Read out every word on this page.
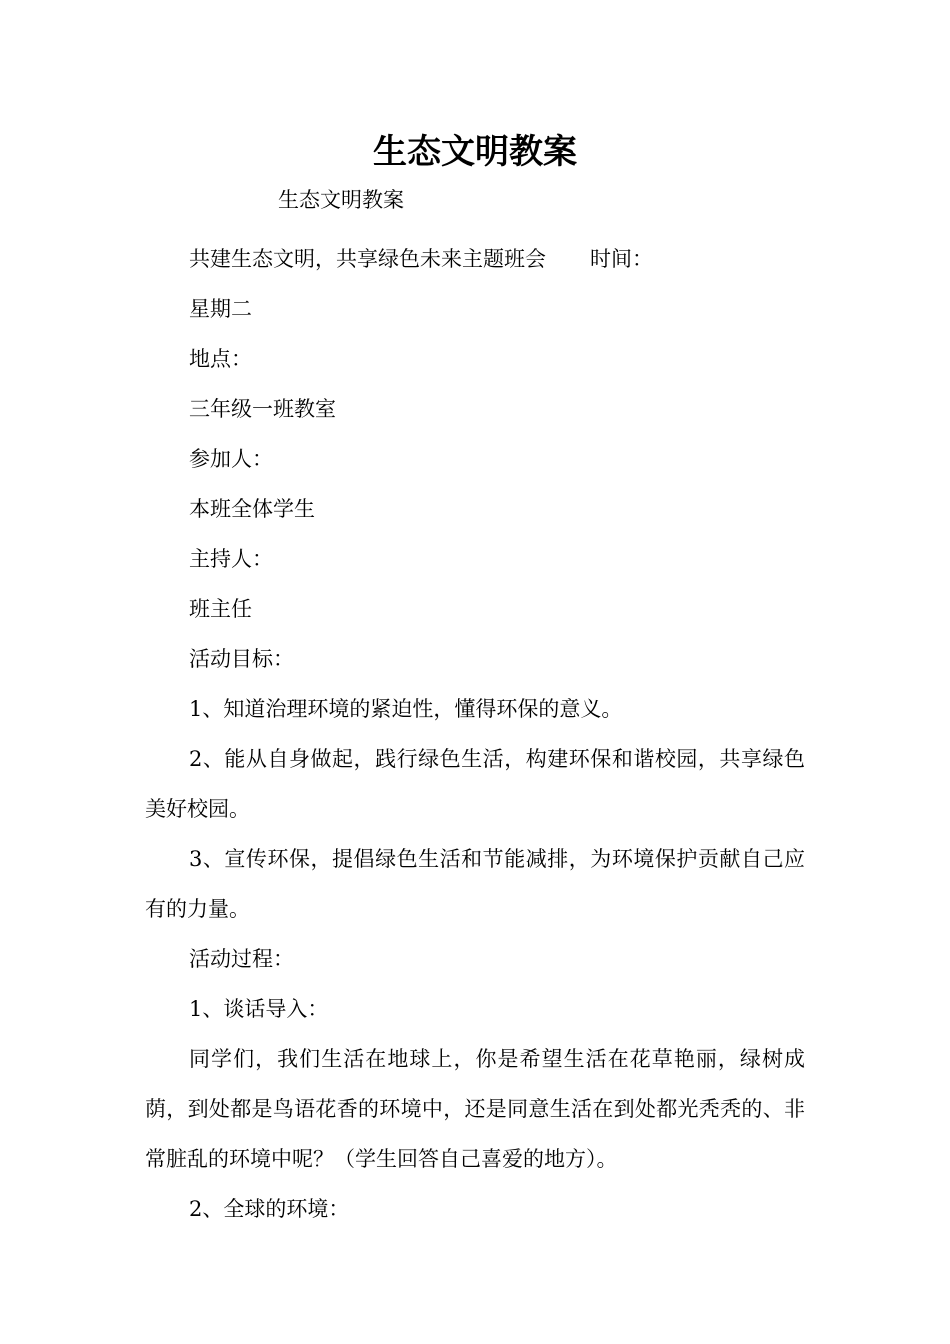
生态文明教案

生态文明教案

共建生态文明，共享绿色未来主题班会 时间：

星期二

地点：

三年级一班教室

参加人：

本班全体学生

主持人：

班主任

活动目标：

1、知道治理环境的紧迫性，懂得环保的意义。

2、能从自身做起，践行绿色生活，构建环保和谐校园，共享绿色美好校园。

3、宣传环保，提倡绿色生活和节能减排，为环境保护贡献自己应有的力量。

活动过程：

1、谈话导入：

同学们，我们生活在地球上，你是希望生活在花草艳丽，绿树成荫，到处都是鸟语花香的环境中，还是同意生活在到处都光秃秃的、非常脏乱的环境中呢？（学生回答自己喜爱的地方）。

2、全球的环境：
